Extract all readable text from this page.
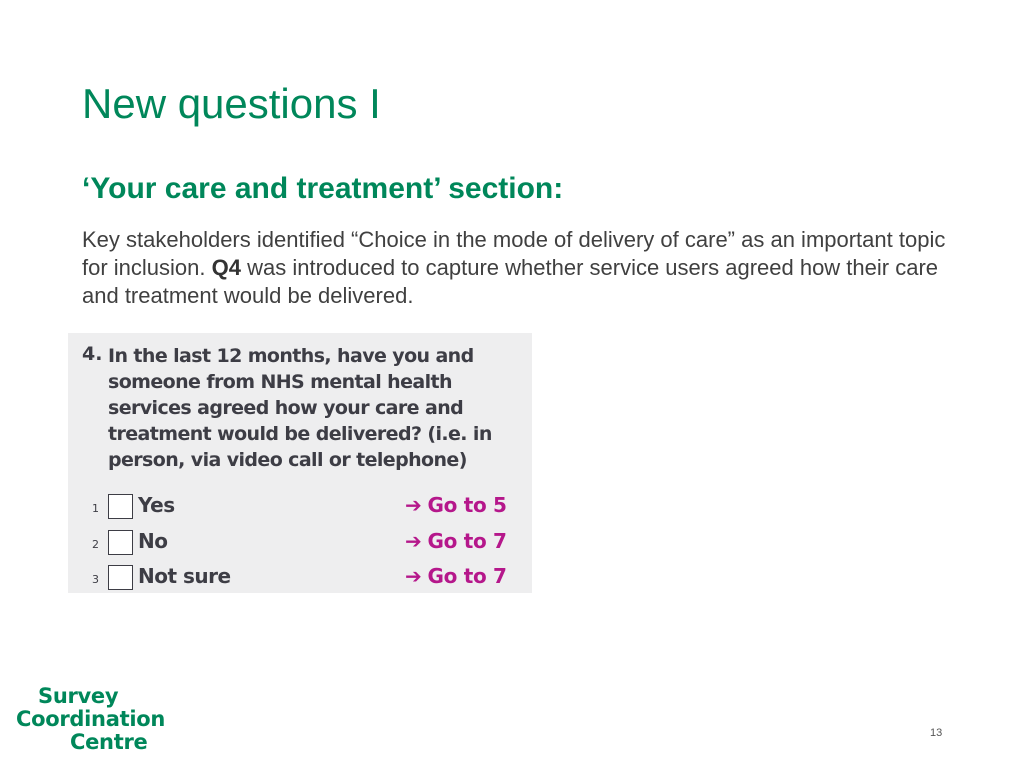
New questions I
‘Your care and treatment’ section:

Key stakeholders identified “Choice in the mode of delivery of care” as an important topic for inclusion. Q4 was introduced to capture whether service users agreed how their care and treatment would be delivered.

4. In the last 12 months, have you and someone from NHS mental health services agreed how your care and treatment would be delivered? (i.e. in person, via video call or telephone)
1 Yes	➔ Go to 5
2 No	➔ Go to 7
3 Not sure	➔ Go to 7
Survey
Coordination
Centre	13
